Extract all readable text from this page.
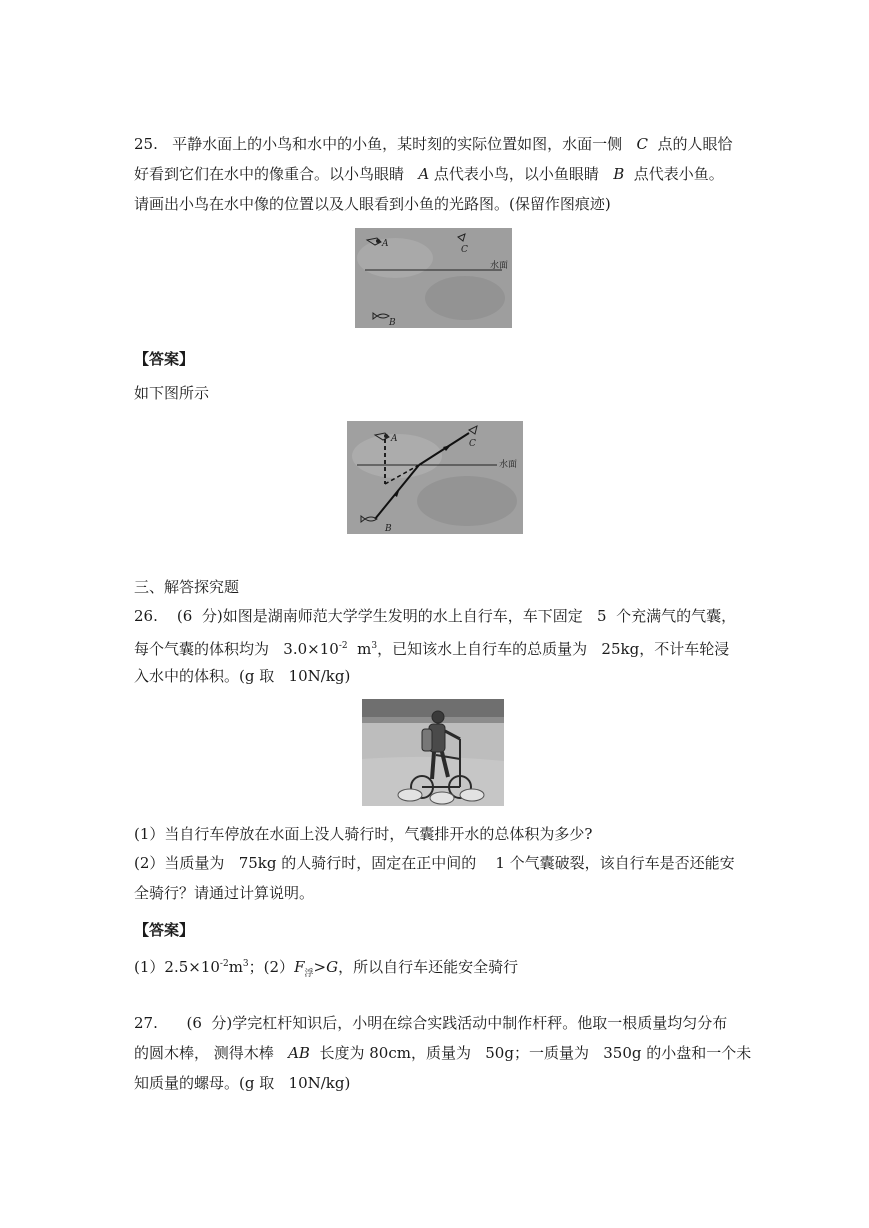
25.   平静水面上的小鸟和水中的小鱼，某时刻的实际位置如图，水面一侧   C  点的人眼恰
好看到它们在水中的像重合。以小鸟眼睛   A 点代表小鸟，以小鱼眼睛   B  点代表小鱼。
请画出小鸟在水中像的位置以及人眼看到小鱼的光路图。(保留作图痕迹)
A
C
水面
B
【答案】
如下图所示
水面
A	C
B
三、解答探究题
26.    (6  分)如图是湖南师范大学学生发明的水上自行车，车下固定   5  个充满气的气囊，
每个气囊的体积均为   $3.0\times 10^{-2}$  $m^3$，已知该水上自行车的总质量为   25kg，不计车轮浸
入水中的体积。(g 取   10N/kg)
(1）当自行车停放在水面上没人骑行时，气囊排开水的总体积为多少?
(2）当质量为   75kg 的人骑行时，固定在正中间的    1 个气囊破裂，该自行车是否还能安
全骑行？请通过计算说明。
【答案】
$(1)2.5\times 10^{-2}m^3$；$(2)F_浮>G$，所以自行车还能安全骑行
27.      (6  分)学完杠杆知识后，小明在综合实践活动中制作杆秤。他取一根质量均匀分布
的圆木棒， 测得木棒   AB  长度为 80cm，质量为   50g；一质量为   350g 的小盘和一个未
知质量的螺母。(g 取   10N/kg)
